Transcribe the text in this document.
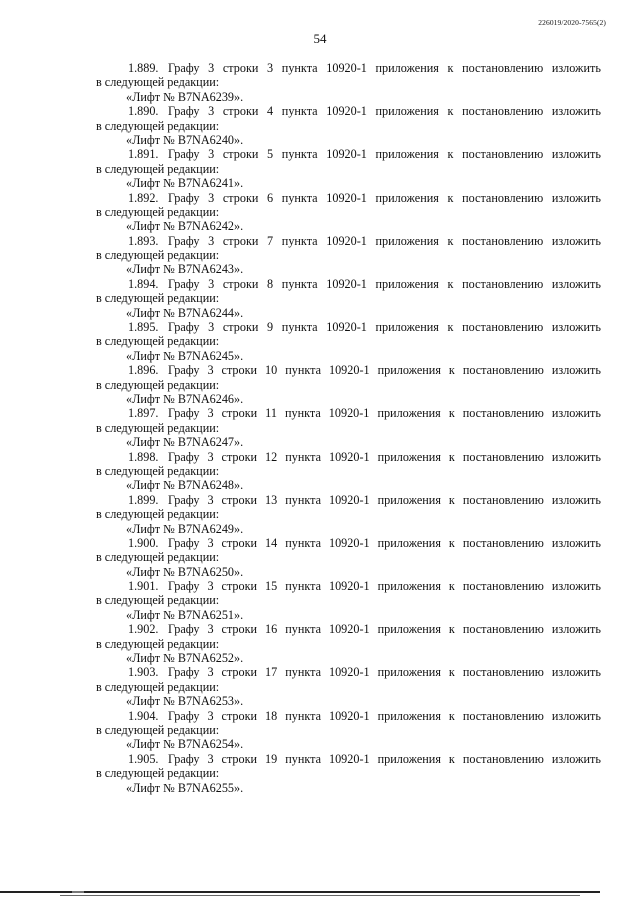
226019/2020-7565(2)
54
1.889. Графу 3 строки 3 пункта 10920-1 приложения к постановлению изложить
в следующей редакции:
«Лифт № B7NA6239».
1.890. Графу 3 строки 4 пункта 10920-1 приложения к постановлению изложить
в следующей редакции:
«Лифт № B7NA6240».
1.891. Графу 3 строки 5 пункта 10920-1 приложения к постановлению изложить
в следующей редакции:
«Лифт № B7NA6241».
1.892. Графу 3 строки 6 пункта 10920-1 приложения к постановлению изложить
в следующей редакции:
«Лифт № B7NA6242».
1.893. Графу 3 строки 7 пункта 10920-1 приложения к постановлению изложить
в следующей редакции:
«Лифт № B7NA6243».
1.894. Графу 3 строки 8 пункта 10920-1 приложения к постановлению изложить
в следующей редакции:
«Лифт № B7NA6244».
1.895. Графу 3 строки 9 пункта 10920-1 приложения к постановлению изложить
в следующей редакции:
«Лифт № B7NA6245».
1.896. Графу 3 строки 10 пункта 10920-1 приложения к постановлению изложить
в следующей редакции:
«Лифт № B7NA6246».
1.897. Графу 3 строки 11 пункта 10920-1 приложения к постановлению изложить
в следующей редакции:
«Лифт № B7NA6247».
1.898. Графу 3 строки 12 пункта 10920-1 приложения к постановлению изложить
в следующей редакции:
«Лифт № B7NA6248».
1.899. Графу 3 строки 13 пункта 10920-1 приложения к постановлению изложить
в следующей редакции:
«Лифт № B7NA6249».
1.900. Графу 3 строки 14 пункта 10920-1 приложения к постановлению изложить
в следующей редакции:
«Лифт № B7NA6250».
1.901. Графу 3 строки 15 пункта 10920-1 приложения к постановлению изложить
в следующей редакции:
«Лифт № B7NA6251».
1.902. Графу 3 строки 16 пункта 10920-1 приложения к постановлению изложить
в следующей редакции:
«Лифт № B7NA6252».
1.903. Графу 3 строки 17 пункта 10920-1 приложения к постановлению изложить
в следующей редакции:
«Лифт № B7NA6253».
1.904. Графу 3 строки 18 пункта 10920-1 приложения к постановлению изложить
в следующей редакции:
«Лифт № B7NA6254».
1.905. Графу 3 строки 19 пункта 10920-1 приложения к постановлению изложить
в следующей редакции:
«Лифт № B7NA6255».
